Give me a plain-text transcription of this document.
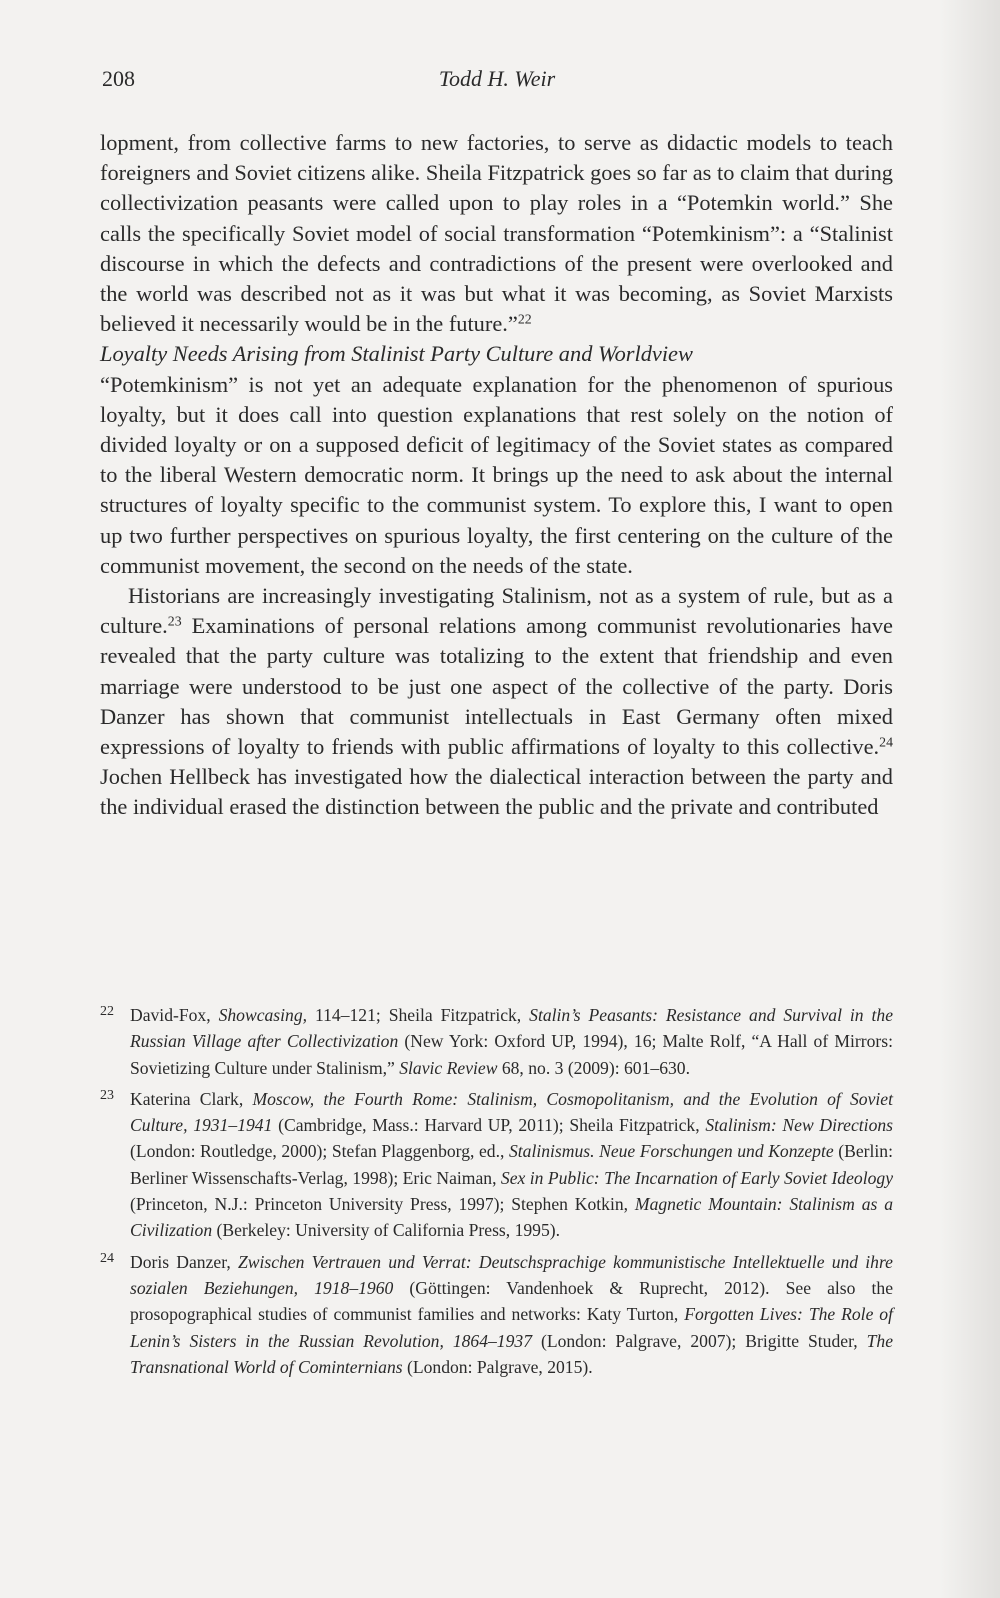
208	Todd H. Weir

lopment, from collective farms to new factories, to serve as didactic models to teach foreigners and Soviet citizens alike. Sheila Fitzpatrick goes so far as to claim that during collectivization peasants were called upon to play roles in a “Potemkin world.” She calls the specifically Soviet model of social transformation “Potemkinism”: a “Stalinist discourse in which the defects and contradictions of the present were overlooked and the world was described not as it was but what it was becoming, as Soviet Marxists believed it necessarily would be in the future.”$^{22}$

Loyalty Needs Arising from Stalinist Party Culture and Worldview

“Potemkinism” is not yet an adequate explanation for the phenomenon of spurious loyalty, but it does call into question explanations that rest solely on the notion of divided loyalty or on a supposed deficit of legitimacy of the Soviet states as compared to the liberal Western democratic norm. It brings up the need to ask about the internal structures of loyalty specific to the communist system. To explore this, I want to open up two further perspectives on spurious loyalty, the first centering on the culture of the communist movement, the second on the needs of the state.

Historians are increasingly investigating Stalinism, not as a system of rule, but as a culture.$^{23}$ Examinations of personal relations among communist revolutionaries have revealed that the party culture was totalizing to the extent that friendship and even marriage were understood to be just one aspect of the collective of the party. Doris Danzer has shown that communist intellectuals in East Germany often mixed expressions of loyalty to friends with public affirmations of loyalty to this collective.$^{24}$ Jochen Hellbeck has investigated how the dialectical interaction between the party and the individual erased the distinction between the public and the private and contributed

22 David-Fox, Showcasing, 114–121; Sheila Fitzpatrick, Stalin’s Peasants: Resistance and Survival in the Russian Village after Collectivization (New York: Oxford UP, 1994), 16; Malte Rolf, “A Hall of Mirrors: Sovietizing Culture under Stalinism,” Slavic Review 68, no. 3 (2009): 601–630.

23 Katerina Clark, Moscow, the Fourth Rome: Stalinism, Cosmopolitanism, and the Evolution of Soviet Culture, 1931–1941 (Cambridge, Mass.: Harvard UP, 2011); Sheila Fitzpatrick, Stalinism: New Directions (London: Routledge, 2000); Stefan Plaggenborg, ed., Stalinismus. Neue Forschungen und Konzepte (Berlin: Berliner Wissenschafts-Verlag, 1998); Eric Naiman, Sex in Public: The Incarnation of Early Soviet Ideology (Princeton, N.J.: Princeton University Press, 1997); Stephen Kotkin, Magnetic Mountain: Stalinism as a Civilization (Berkeley: University of California Press, 1995).

24 Doris Danzer, Zwischen Vertrauen und Verrat: Deutschsprachige kommunistische Intellektuelle und ihre sozialen Beziehungen, 1918–1960 (Göttingen: Vandenhoek & Ruprecht, 2012). See also the prosopographical studies of communist families and networks: Katy Turton, Forgotten Lives: The Role of Lenin’s Sisters in the Russian Revolution, 1864–1937 (London: Palgrave, 2007); Brigitte Studer, The Transnational World of Cominternians (London: Palgrave, 2015).
